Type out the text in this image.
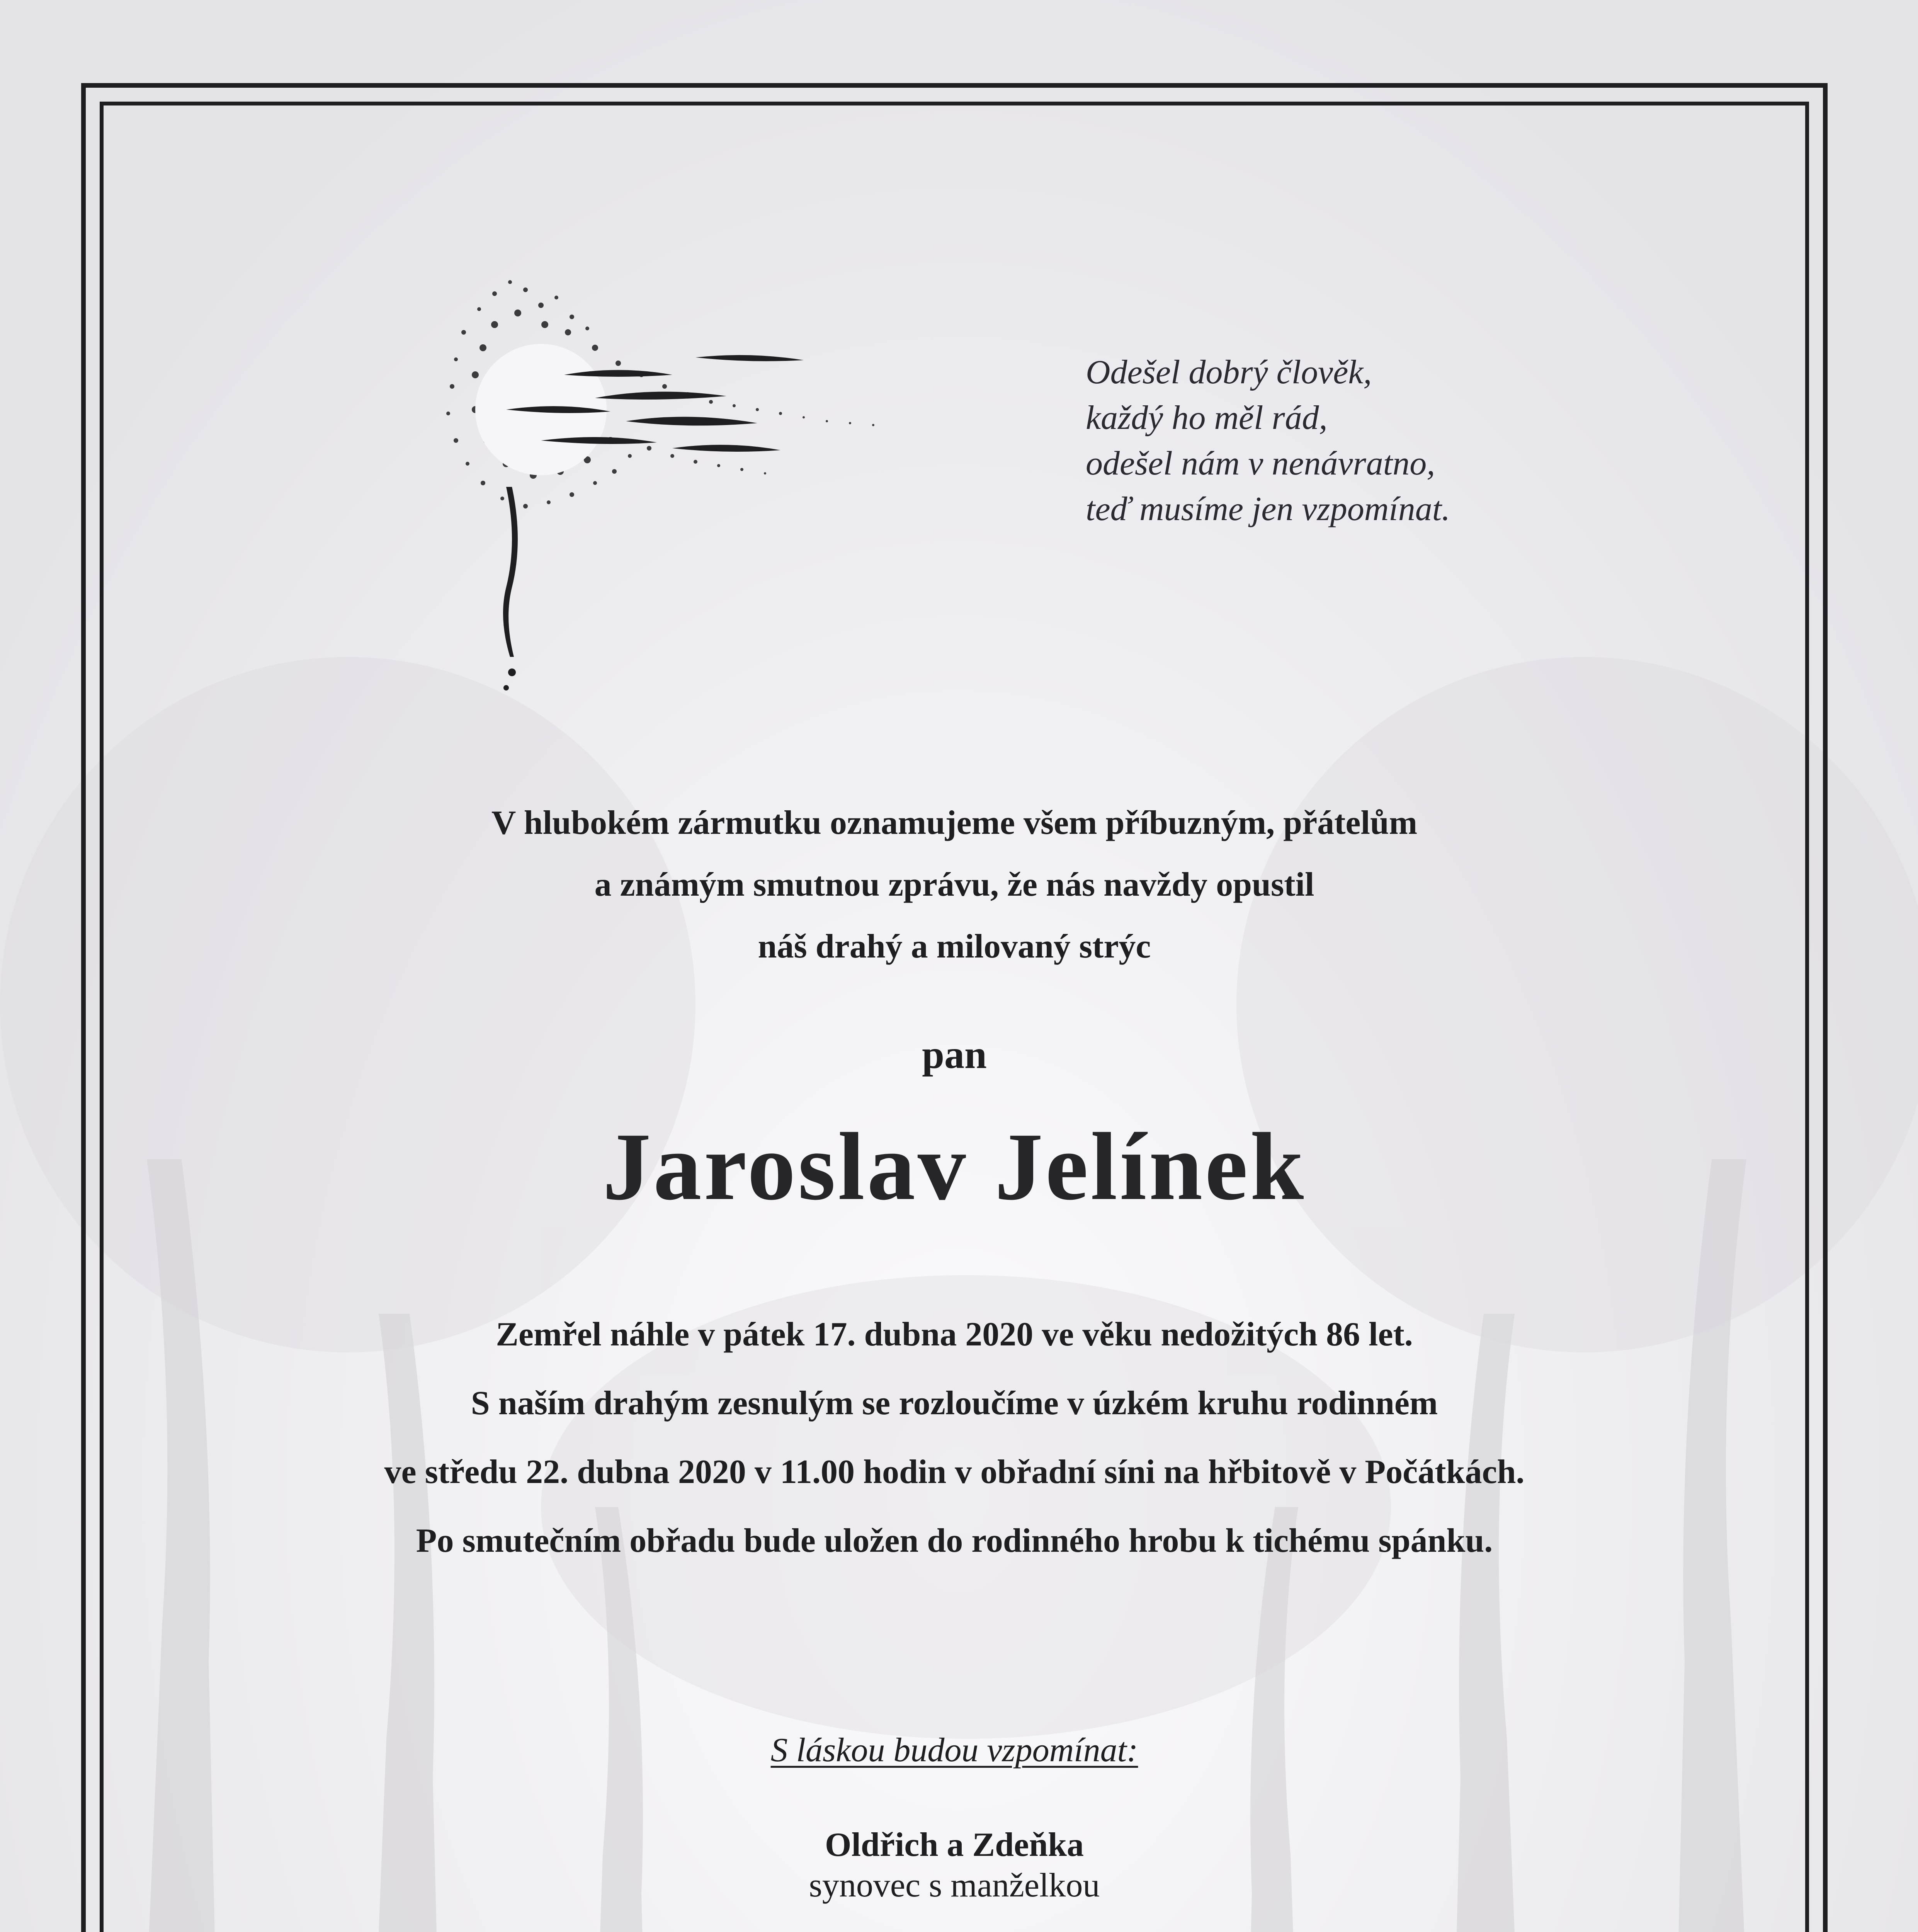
Odešel dobrý člověk,
každý ho měl rád,
odešel nám v nenávratno,
teď musíme jen vzpomínat.
V hlubokém zármutku oznamujeme všem příbuzným, přátelům
a známým smutnou zprávu, že nás navždy opustil
náš drahý a milovaný strýc
pan
Jaroslav Jelínek
Zemřel náhle v pátek 17. dubna 2020 ve věku nedožitých 86 let.
S naším drahým zesnulým se rozloučíme v úzkém kruhu rodinném
ve středu 22. dubna 2020 v 11.00 hodin v obřadní síni na hřbitově v Počátkách.
Po smutečním obřadu bude uložen do rodinného hrobu k tichému spánku.
S láskou budou vzpomínat:
Oldřich a Zdeňka
synovec s manželkou
